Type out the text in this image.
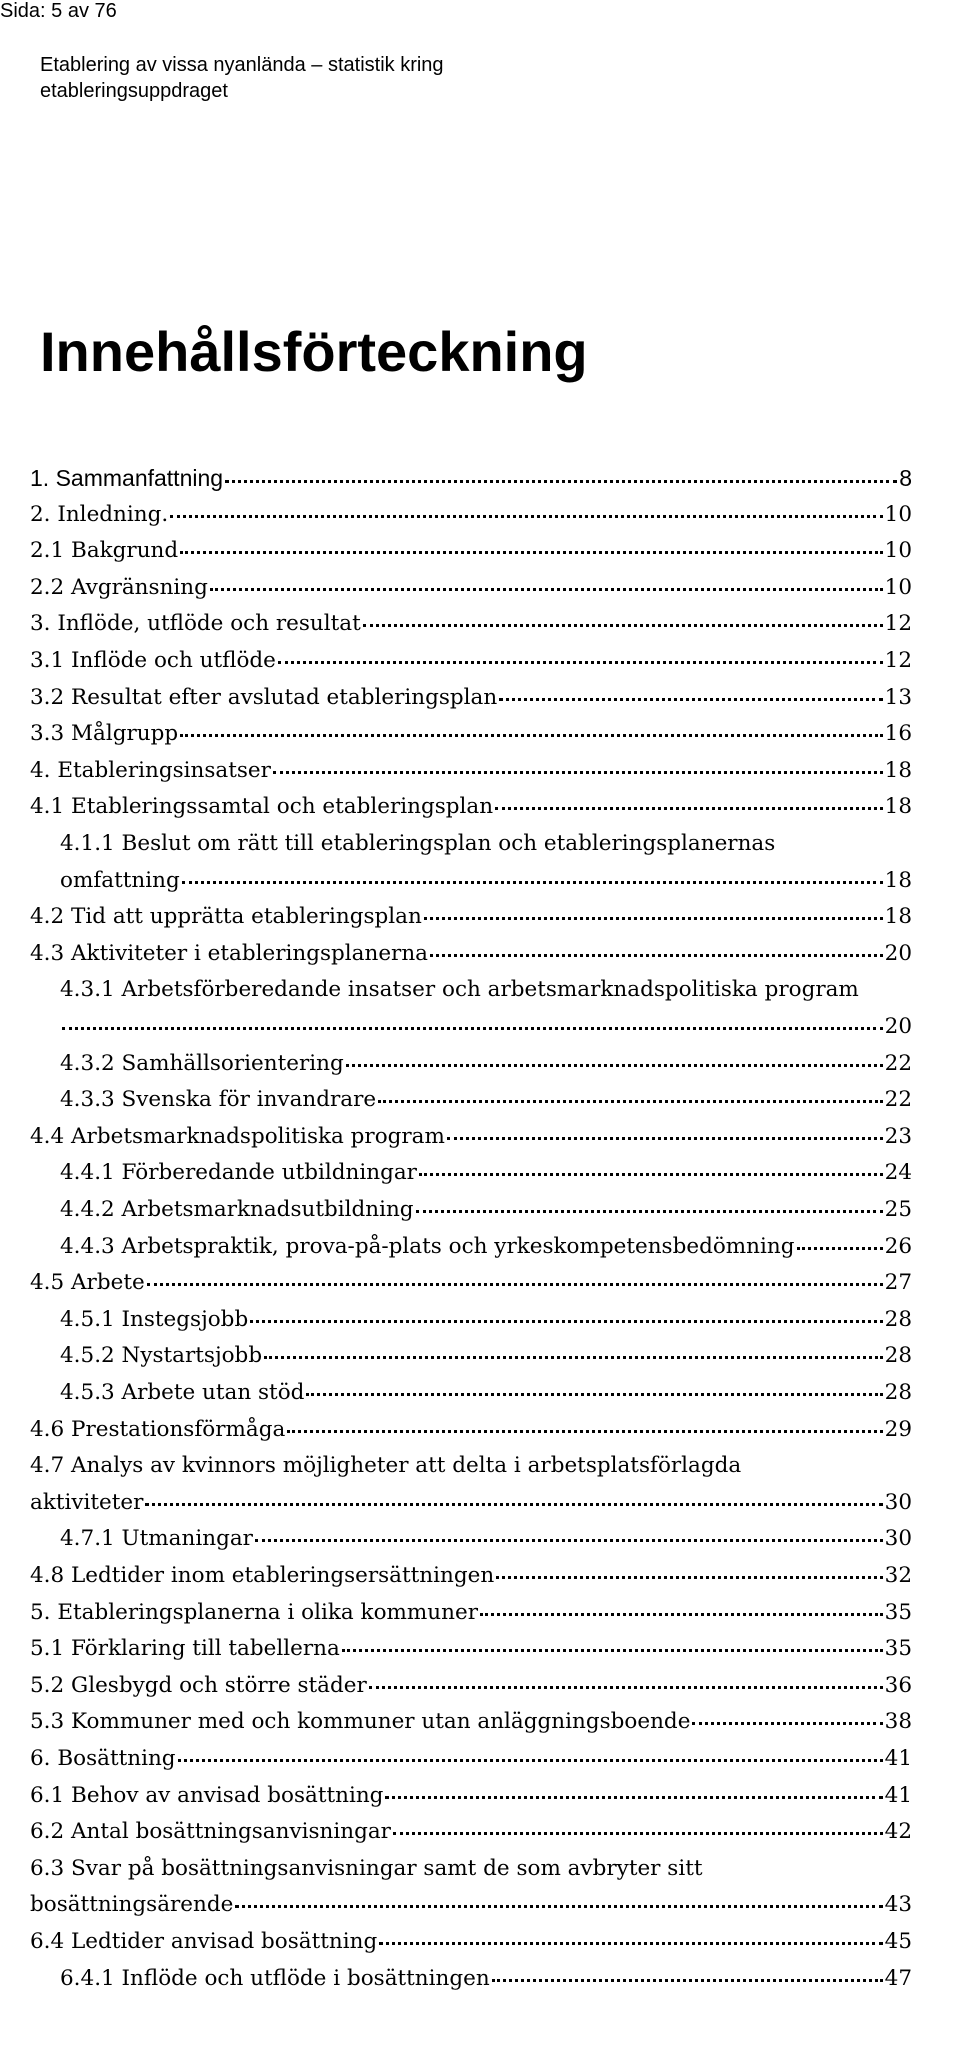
Sida: 5 av 76
Etablering av vissa nyanlända – statistik kring
etableringsuppdraget
Innehållsförteckning
1. Sammanfattning	8
2. Inledning.	10
2.1 Bakgrund	10
2.2 Avgränsning	10
3. Inflöde, utflöde och resultat	12
3.1 Inflöde och utflöde	12
3.2 Resultat efter avslutad etableringsplan	13
3.3 Målgrupp	16
4. Etableringsinsatser	18
4.1 Etableringssamtal och etableringsplan	18
4.1.1 Beslut om rätt till etableringsplan och etableringsplanernas
omfattning	18
4.2 Tid att upprätta etableringsplan	18
4.3 Aktiviteter i etableringsplanerna	20
4.3.1 Arbetsförberedande insatser och arbetsmarknadspolitiska program
20
4.3.2 Samhällsorientering	22
4.3.3 Svenska för invandrare	22
4.4 Arbetsmarknadspolitiska program	23
4.4.1 Förberedande utbildningar	24
4.4.2 Arbetsmarknadsutbildning	25
4.4.3 Arbetspraktik, prova-på-plats och yrkeskompetensbedömning	26
4.5 Arbete	27
4.5.1 Instegsjobb	28
4.5.2 Nystartsjobb	28
4.5.3 Arbete utan stöd	28
4.6 Prestationsförmåga	29
4.7 Analys av kvinnors möjligheter att delta i arbetsplatsförlagda
aktiviteter	30
4.7.1 Utmaningar	30
4.8 Ledtider inom etableringsersättningen	32
5. Etableringsplanerna i olika kommuner	35
5.1 Förklaring till tabellerna	35
5.2 Glesbygd och större städer	36
5.3 Kommuner med och kommuner utan anläggningsboende	38
6. Bosättning	41
6.1 Behov av anvisad bosättning	41
6.2 Antal bosättningsanvisningar	42
6.3 Svar på bosättningsanvisningar samt de som avbryter sitt
bosättningsärende	43
6.4 Ledtider anvisad bosättning	45
6.4.1 Inflöde och utflöde i bosättningen	47
